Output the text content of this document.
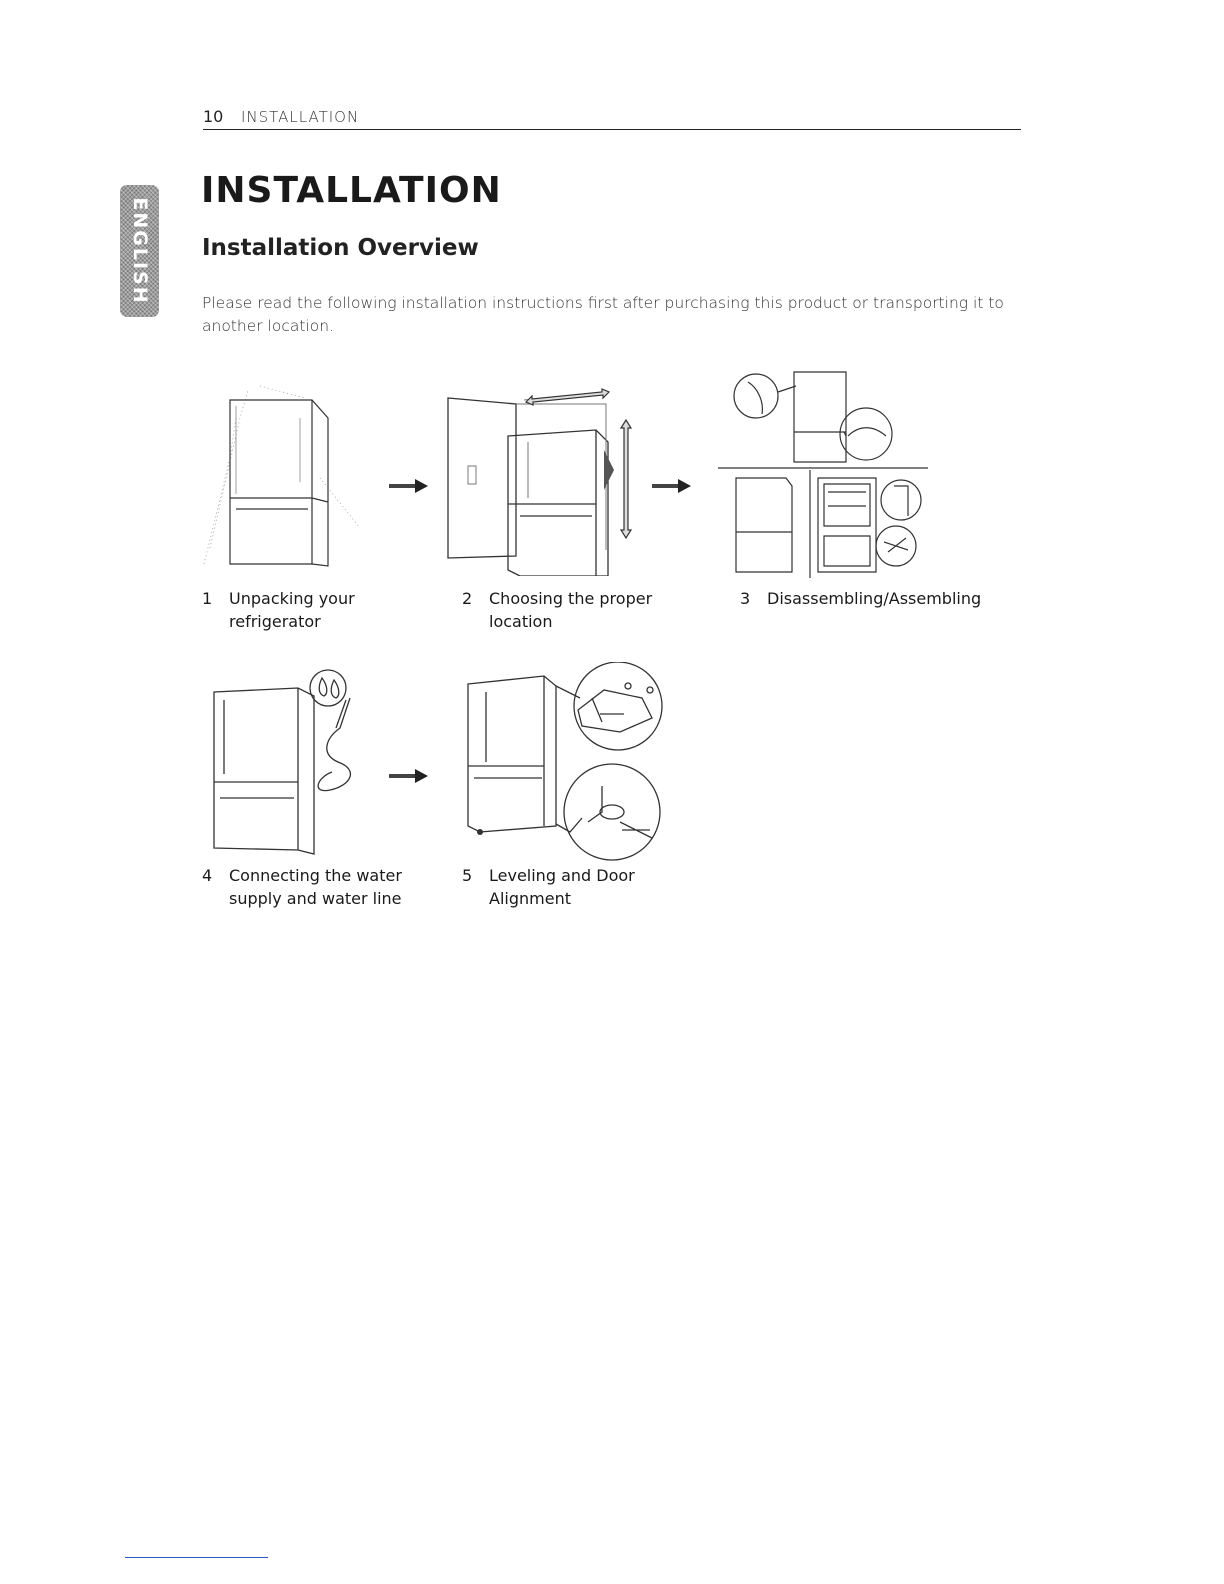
10 INSTALLATION
ENGLISH
INSTALLATION
Installation Overview

Please read the following installation instructions first after purchasing this product or transporting it to another location.

1 Unpacking your refrigerator
2 Choosing the proper location
3 Disassembling/Assembling
4 Connecting the water supply and water line
5 Leveling and Door Alignment
